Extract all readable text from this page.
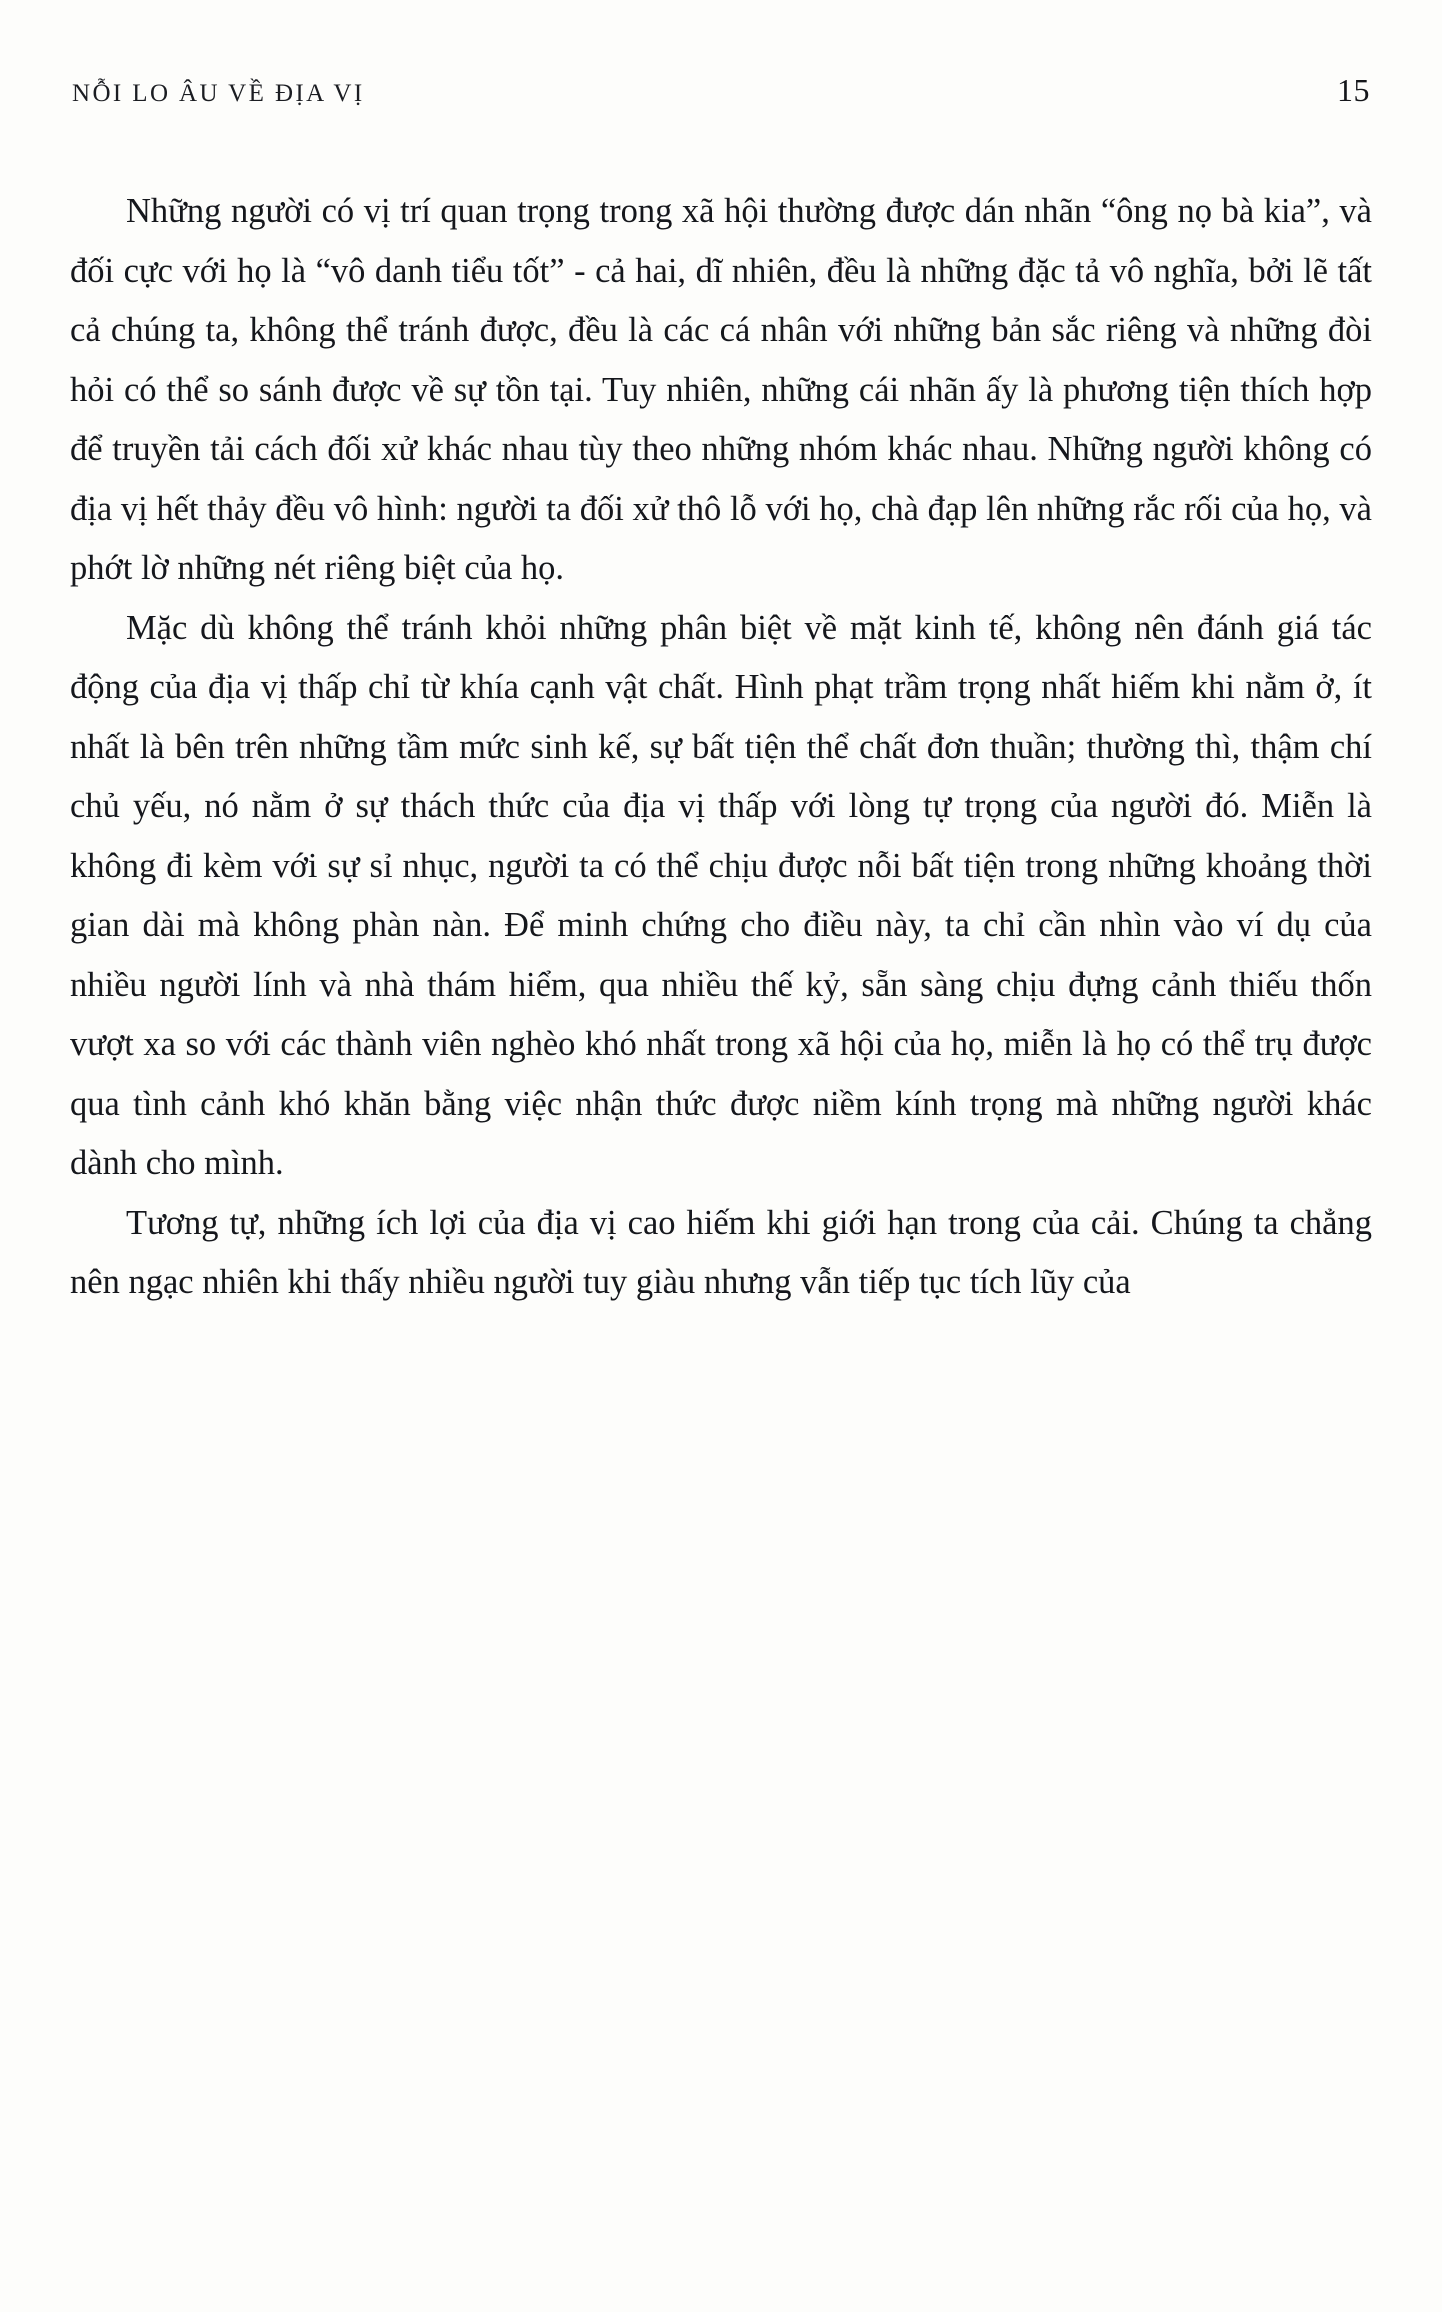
NỖI LO ÂU VỀ ĐỊA VỊ	15

Những người có vị trí quan trọng trong xã hội thường được dán nhãn “ông nọ bà kia”, và đối cực với họ là “vô danh tiểu tốt” - cả hai, dĩ nhiên, đều là những đặc tả vô nghĩa, bởi lẽ tất cả chúng ta, không thể tránh được, đều là các cá nhân với những bản sắc riêng và những đòi hỏi có thể so sánh được về sự tồn tại. Tuy nhiên, những cái nhãn ấy là phương tiện thích hợp để truyền tải cách đối xử khác nhau tùy theo những nhóm khác nhau. Những người không có địa vị hết thảy đều vô hình: người ta đối xử thô lỗ với họ, chà đạp lên những rắc rối của họ, và phớt lờ những nét riêng biệt của họ.

Mặc dù không thể tránh khỏi những phân biệt về mặt kinh tế, không nên đánh giá tác động của địa vị thấp chỉ từ khía cạnh vật chất. Hình phạt trầm trọng nhất hiếm khi nằm ở, ít nhất là bên trên những tầm mức sinh kế, sự bất tiện thể chất đơn thuần; thường thì, thậm chí chủ yếu, nó nằm ở sự thách thức của địa vị thấp với lòng tự trọng của người đó. Miễn là không đi kèm với sự sỉ nhục, người ta có thể chịu được nỗi bất tiện trong những khoảng thời gian dài mà không phàn nàn. Để minh chứng cho điều này, ta chỉ cần nhìn vào ví dụ của nhiều người lính và nhà thám hiểm, qua nhiều thế kỷ, sẵn sàng chịu đựng cảnh thiếu thốn vượt xa so với các thành viên nghèo khó nhất trong xã hội của họ, miễn là họ có thể trụ được qua tình cảnh khó khăn bằng việc nhận thức được niềm kính trọng mà những người khác dành cho mình.

Tương tự, những ích lợi của địa vị cao hiếm khi giới hạn trong của cải. Chúng ta chẳng nên ngạc nhiên khi thấy nhiều người tuy giàu nhưng vẫn tiếp tục tích lũy của
